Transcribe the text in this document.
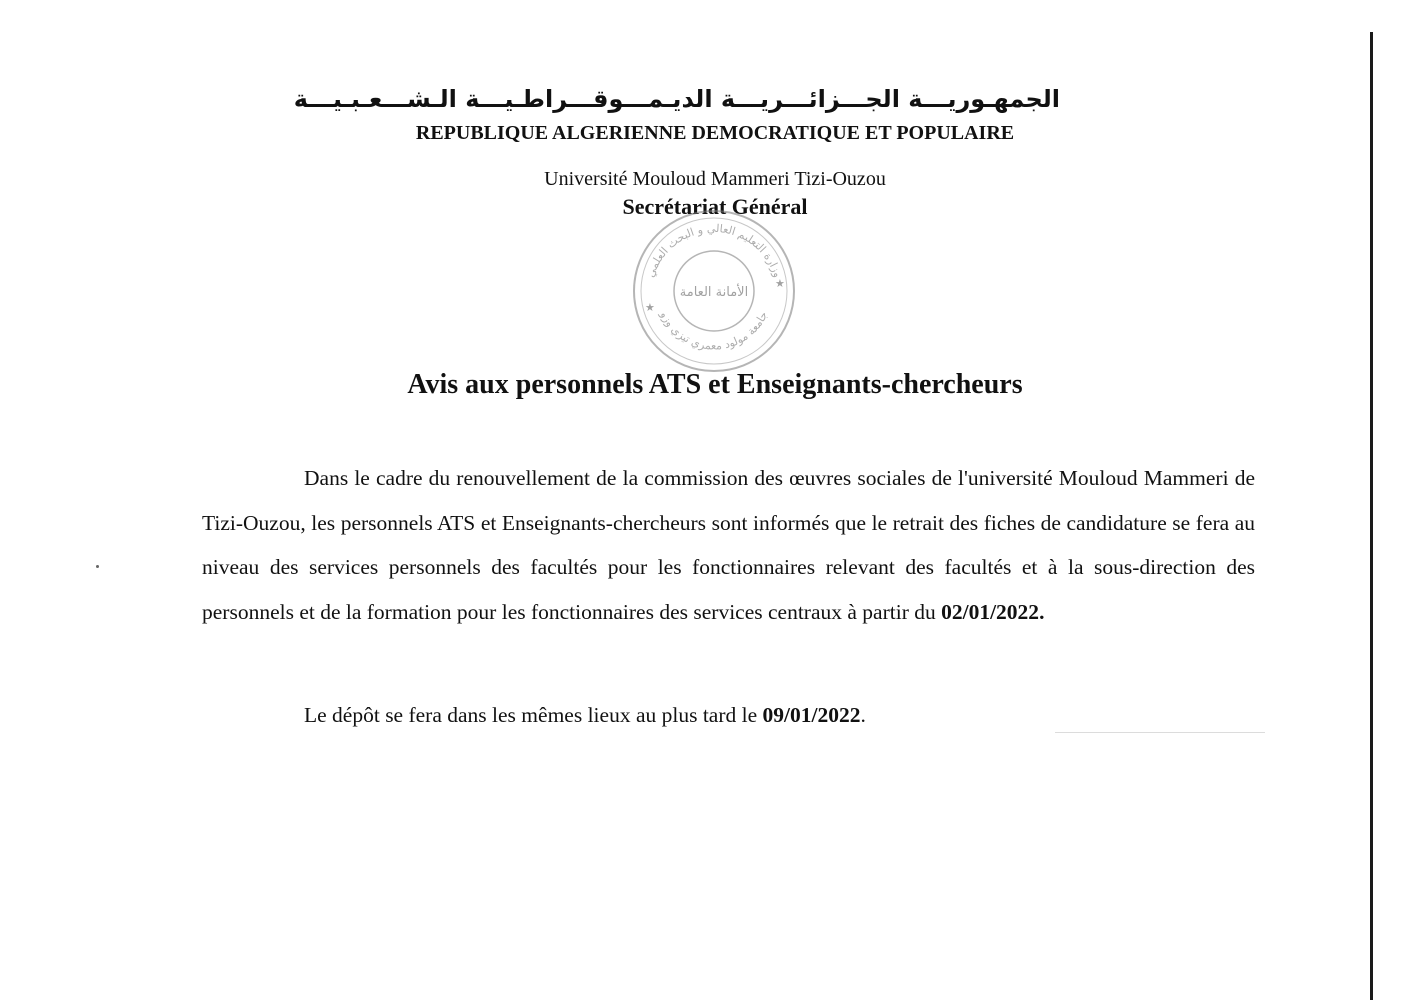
الجمهـوريـــة الجـــزائـــريـــة الديـمـــوقـــراطـيـــة الـشـــعـبـيـــة
REPUBLIQUE ALGERIENNE DEMOCRATIQUE ET POPULAIRE
Université Mouloud Mammeri Tizi-Ouzou
Secrétariat Général
وزارة التعليم العالي و البحث العلمي
جامعة مولود معمري تيزي وزو
الأمانة العامة
★
★
Avis aux personnels ATS et Enseignants-chercheurs
Dans le cadre du renouvellement de la commission des œuvres sociales de l'université Mouloud Mammeri de Tizi-Ouzou, les personnels ATS et Enseignants-chercheurs sont informés que le retrait des fiches de candidature se fera au niveau des services personnels des facultés pour les fonctionnaires relevant des facultés et à la sous-direction des personnels et de la formation pour les fonctionnaires des services centraux à partir du 02/01/2022.
Le dépôt se fera dans les mêmes lieux au plus tard le 09/01/2022.
